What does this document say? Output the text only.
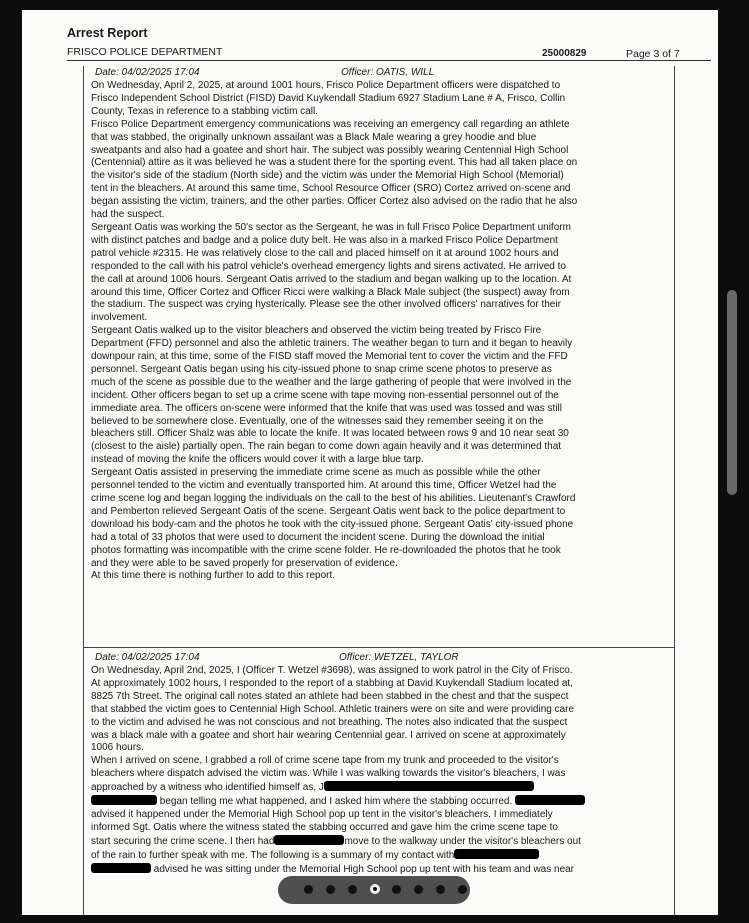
Arrest Report
FRISCO POLICE DEPARTMENT	25000829	Page 3 of 7
Date: 04/02/2025 17:04	Officer: OATIS, WILL

On Wednesday, April 2, 2025, at around 1001 hours, Frisco Police Department officers were dispatched to

Frisco Independent School District (FISD) David Kuykendall Stadium 6927 Stadium Lane # A, Frisco, Collin

County, Texas in reference to a stabbing victim call.

Frisco Police Department emergency communications was receiving an emergency call regarding an athlete

that was stabbed, the originally unknown assailant was a Black Male wearing a grey hoodie and blue

sweatpants and also had a goatee and short hair. The subject was possibly wearing Centennial High School

(Centennial) attire as it was believed he was a student there for the sporting event. This had all taken place on

the visitor's side of the stadium (North side) and the victim was under the Memorial High School (Memorial)

tent in the bleachers. At around this same time, School Resource Officer (SRO) Cortez arrived on-scene and

began assisting the victim, trainers, and the other parties. Officer Cortez also advised on the radio that he also

had the suspect.

Sergeant Oatis was working the 50's sector as the Sergeant, he was in full Frisco Police Department uniform

with distinct patches and badge and a police duty belt. He was also in a marked Frisco Police Department

patrol vehicle #2315. He was relatively close to the call and placed himself on it at around 1002 hours and

responded to the call with his patrol vehicle's overhead emergency lights and sirens activated. He arrived to

the call at around 1006 hours. Sergeant Oatis arrived to the stadium and began walking up to the location. At

around this time, Officer Cortez and Officer Ricci were walking a Black Male subject (the suspect) away from

the stadium. The suspect was crying hysterically. Please see the other involved officers' narratives for their

involvement.

Sergeant Oatis walked up to the visitor bleachers and observed the victim being treated by Frisco Fire

Department (FFD) personnel and also the athletic trainers. The weather began to turn and it began to heavily

downpour rain, at this time, some of the FISD staff moved the Memorial tent to cover the victim and the FFD

personnel. Sergeant Oatis began using his city-issued phone to snap crime scene photos to preserve as

much of the scene as possible due to the weather and the large gathering of people that were involved in the

incident. Other officers began to set up a crime scene with tape moving non-essential personnel out of the

immediate area. The officers on-scene were informed that the knife that was used was tossed and was still

believed to be somewhere close. Eventually, one of the witnesses said they remember seeing it on the

bleachers still. Officer Shalz was able to locate the knife. It was located between rows 9 and 10 near seat 30

(closest to the aisle) partially open. The rain began to come down again heavily and it was determined that

instead of moving the knife the officers would cover it with a large blue tarp.

Sergeant Oatis assisted in preserving the immediate crime scene as much as possible while the other

personnel tended to the victim and eventually transported him. At around this time, Officer Wetzel had the

crime scene log and began logging the individuals on the call to the best of his abilities. Lieutenant's Crawford

and Pemberton relieved Sergeant Oatis of the scene. Sergeant Oatis went back to the police department to

download his body-cam and the photos he took with the city-issued phone. Sergeant Oatis' city-issued phone

had a total of 33 photos that were used to document the incident scene. During the download the initial

photos formatting was incompatible with the crime scene folder. He re-downloaded the photos that he took

and they were able to be saved properly for preservation of evidence.

At this time there is nothing further to add to this report.

Date: 04/02/2025 17:04	Officer: WETZEL, TAYLOR

On Wednesday, April 2nd, 2025, I (Officer T. Wetzel #3698), was assigned to work patrol in the City of Frisco.

At approximately 1002 hours, I responded to the report of a stabbing at David Kuykendall Stadium located at,

8825 7th Street. The original call notes stated an athlete had been stabbed in the chest and that the suspect

that stabbed the victim goes to Centennial High School. Athletic trainers were on site and were providing care

to the victim and advised he was not conscious and not breathing. The notes also indicated that the suspect

was a black male with a goatee and short hair wearing Centennial gear. I arrived on scene at approximately

1006 hours.

When I arrived on scene, I grabbed a roll of crime scene tape from my trunk and proceeded to the visitor's

bleachers where dispatch advised the victim was. While I was walking towards the visitor's bleachers, I was

approached by a witness who identified himself as, J

began telling me what happened, and I asked him where the stabbing occurred.

advised it happened under the Memorial High School pop up tent in the visitor's bleachers. I immediately

informed Sgt. Oatis where the witness stated the stabbing occurred and gave him the crime scene tape to

start securing the crime scene. I then had	move to the walkway under the visitor's bleachers out

of the rain to further speak with me. The following is a summary of my contact with

advised he was sitting under the Memorial High School pop up tent with his team and was near
